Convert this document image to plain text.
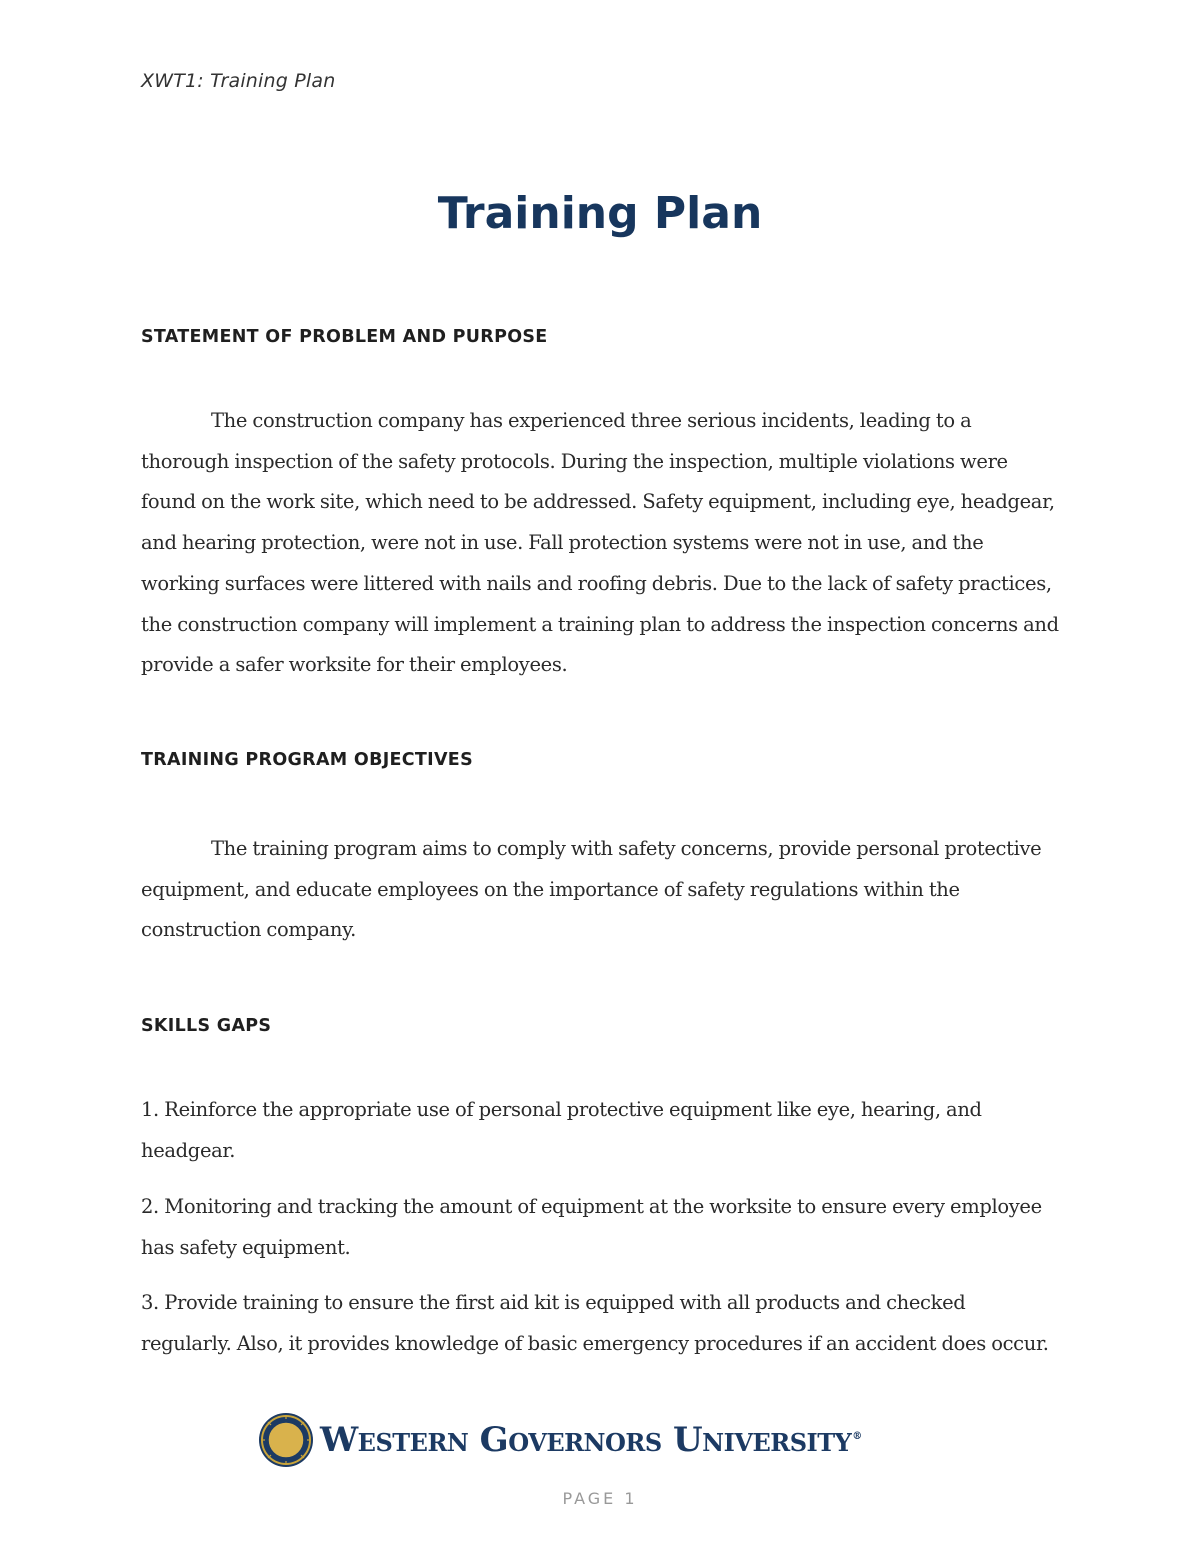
XWT1: Training Plan
Training Plan
STATEMENT OF PROBLEM AND PURPOSE

The construction company has experienced three serious incidents, leading to a thorough inspection of the safety protocols. During the inspection, multiple violations were found on the work site, which need to be addressed. Safety equipment, including eye, headgear, and hearing protection, were not in use. Fall protection systems were not in use, and the working surfaces were littered with nails and roofing debris. Due to the lack of safety practices, the construction company will implement a training plan to address the inspection concerns and provide a safer worksite for their employees.

TRAINING PROGRAM OBJECTIVES

The training program aims to comply with safety concerns, provide personal protective equipment, and educate employees on the importance of safety regulations within the construction company.

SKILLS GAPS

1. Reinforce the appropriate use of personal protective equipment like eye, hearing, and headgear.

2. Monitoring and tracking the amount of equipment at the worksite to ensure every employee has safety equipment.

3. Provide training to ensure the first aid kit is equipped with all products and checked regularly. Also, it provides knowledge of basic emergency procedures if an accident does occur.

Western Governors University®
PAGE 1
